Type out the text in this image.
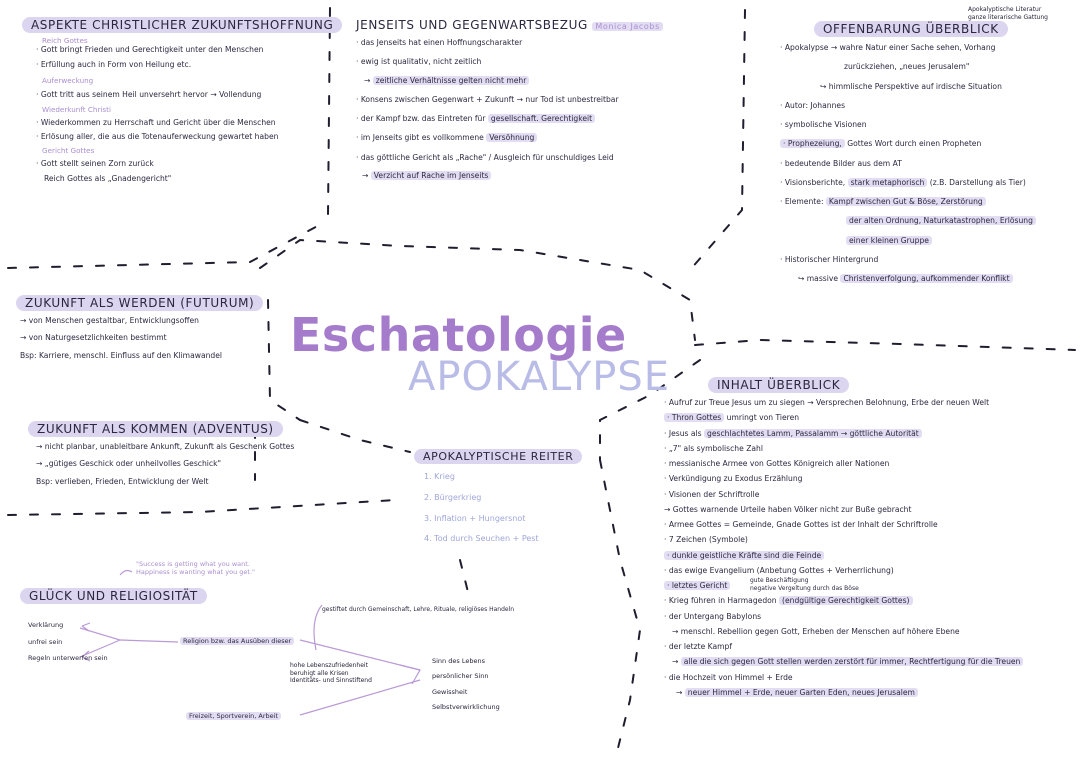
ASPEKTE CHRISTLICHER ZUKUNFTSHOFFNUNG
Reich Gottes
· Gott bringt Frieden und Gerechtigkeit unter den Menschen
· Erfüllung auch in Form von Heilung etc.
Auferweckung
· Gott tritt aus seinem Heil unversehrt hervor → Vollendung
Wiederkunft Christi
· Wiederkommen zu Herrschaft und Gericht über die Menschen
· Erlösung aller, die aus die Totenauferweckung gewartet haben
Gericht Gottes
· Gott stellt seinen Zorn zurück
Reich Gottes als „Gnadengericht"
JENSEITS UND GEGENWARTSBEZUG Monica Jacobs
· das Jenseits hat einen Hoffnungscharakter
· ewig ist qualitativ, nicht zeitlich
→ zeitliche Verhältnisse gelten nicht mehr
· Konsens zwischen Gegenwart + Zukunft → nur Tod ist unbestreitbar
· der Kampf bzw. das Eintreten für gesellschaft. Gerechtigkeit
· im Jenseits gibt es vollkommene Versöhnung
· das göttliche Gericht als „Rache" / Ausgleich für unschuldiges Leid
→ Verzicht auf Rache im Jenseits
Apokalyptische Literatur
ganze literarische Gattung
OFFENBARUNG ÜBERBLICK
· Apokalypse → wahre Natur einer Sache sehen, Vorhang
zurückziehen, „neues Jerusalem"
↪ himmlische Perspektive auf irdische Situation
· Autor: Johannes
· symbolische Visionen
· Prophezeiung, Gottes Wort durch einen Propheten
· bedeutende Bilder aus dem AT
· Visionsberichte, stark metaphorisch (z.B. Darstellung als Tier)
· Elemente: Kampf zwischen Gut & Böse, Zerstörung
der alten Ordnung, Naturkatastrophen, Erlösung
einer kleinen Gruppe
· Historischer Hintergrund
↪ massive Christenverfolgung, aufkommender Konflikt
Eschatologie
APOKALYPSE
ZUKUNFT ALS WERDEN (FUTURUM)
→ von Menschen gestaltbar, Entwicklungsoffen
→ von Naturgesetzlichkeiten bestimmt
Bsp: Karriere, menschl. Einfluss auf den Klimawandel
ZUKUNFT ALS KOMMEN (ADVENTUS)
→ nicht planbar, unableitbare Ankunft, Zukunft als Geschenk Gottes
→ „gütiges Geschick oder unheilvolles Geschick"
Bsp: verlieben, Frieden, Entwicklung der Welt
APOKALYPTISCHE REITER
1. Krieg
2. Bürgerkrieg
3. Inflation + Hungersnot
4. Tod durch Seuchen + Pest
INHALT ÜBERBLICK
· Aufruf zur Treue Jesus um zu siegen → Versprechen Belohnung, Erbe der neuen Welt
· Thron Gottes umringt von Tieren
· Jesus als geschlachtetes Lamm, Passalamm → göttliche Autorität
· „7" als symbolische Zahl
· messianische Armee von Gottes Königreich aller Nationen
· Verkündigung zu Exodus Erzählung
· Visionen der Schriftrolle
→ Gottes warnende Urteile haben Völker nicht zur Buße gebracht
· Armee Gottes = Gemeinde, Gnade Gottes ist der Inhalt der Schriftrolle
· 7 Zeichen (Symbole)
· dunkle geistliche Kräfte sind die Feinde
· das ewige Evangelium (Anbetung Gottes + Verherrlichung)
· letztes Gericht
gute Beschäftigung
negative Vergeltung durch das Böse
· Krieg führen in Harmagedon (endgültige Gerechtigkeit Gottes)
· der Untergang Babylons
→ menschl. Rebellion gegen Gott, Erheben der Menschen auf höhere Ebene
· der letzte Kampf
→ alle die sich gegen Gott stellen werden zerstört für immer, Rechtfertigung für die Treuen
· die Hochzeit von Himmel + Erde
→ neuer Himmel + Erde, neuer Garten Eden, neues Jerusalem
"Success is getting what you want.
Happiness is wanting what you get."
GLÜCK UND RELIGIOSITÄT
Verklärung
unfrei sein
Regeln unterwerfen sein
Religion bzw. das Ausüben dieser
gestiftet durch Gemeinschaft, Lehre, Rituale, religiöses Handeln
hohe Lebenszufriedenheit
beruhigt alle Krisen
Identitäts- und Sinnstiftend
Freizeit, Sportverein, Arbeit
Sinn des Lebens
persönlicher Sinn
Gewissheit
Selbstverwirklichung
